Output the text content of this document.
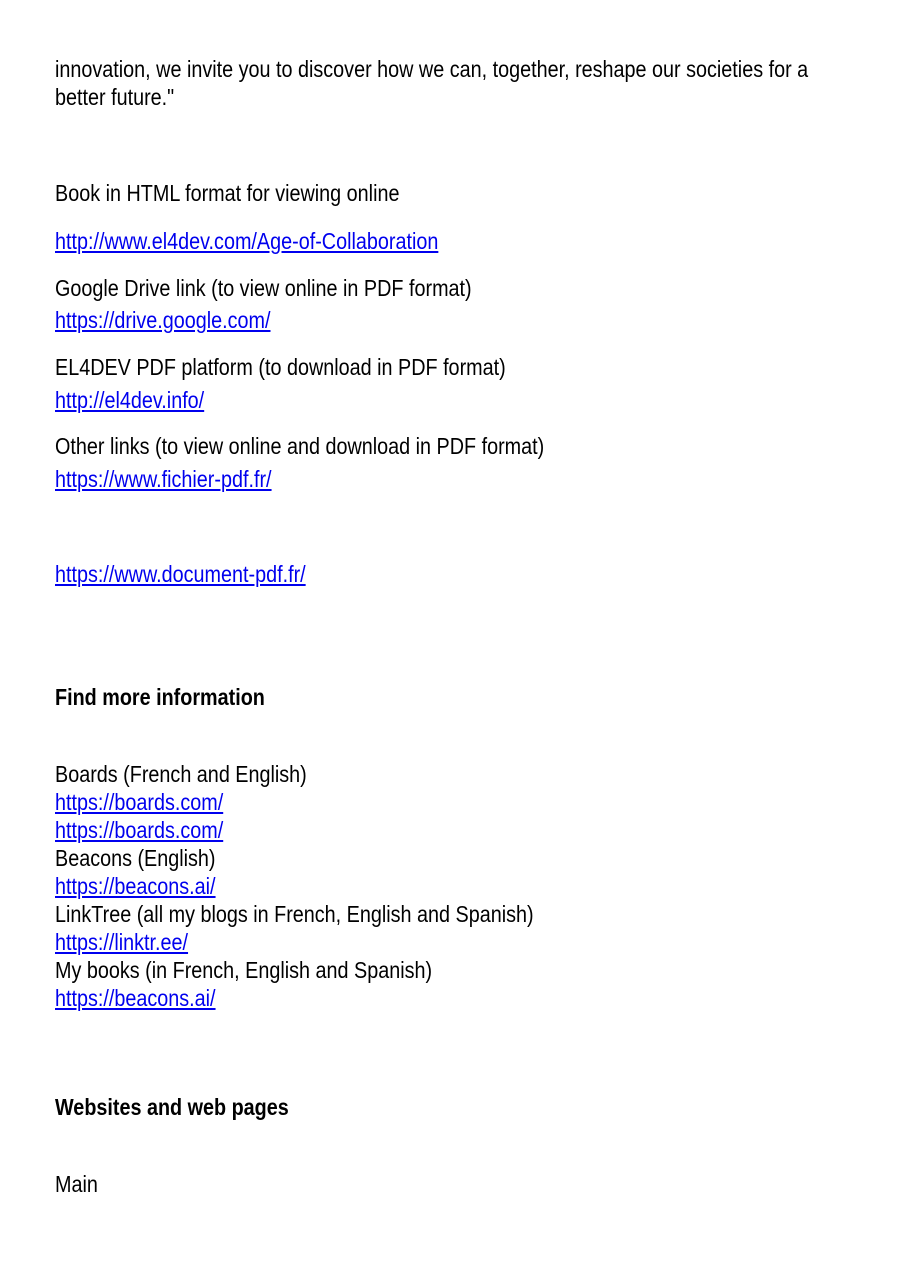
innovation, we invite you to discover how we can, together, reshape our societies for a
better future."
Book in HTML format for viewing online
http://www.el4dev.com/Age-of-Collaboration
Google Drive link (to view online in PDF format)
https://drive.google.com/
EL4DEV PDF platform (to download in PDF format)
http://el4dev.info/
Other links (to view online and download in PDF format)
https://www.fichier-pdf.fr/
https://www.document-pdf.fr/
Find more information
Boards (French and English)
https://boards.com/
https://boards.com/
Beacons (English)
https://beacons.ai/
LinkTree (all my blogs in French, English and Spanish)
https://linktr.ee/
My books (in French, English and Spanish)
https://beacons.ai/
Websites and web pages
Main
